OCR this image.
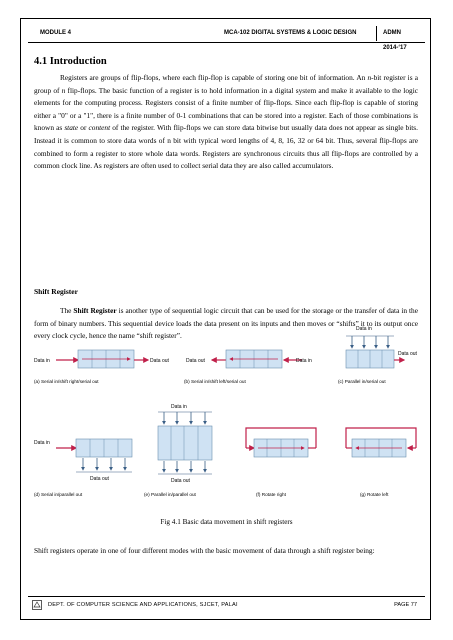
MODULE 4	MCA-102 DIGITAL SYSTEMS & LOGIC DESIGN	ADMN 2014-‘17
4.1 Introduction

Registers are groups of flip-flops, where each flip-flop is capable of storing one bit of information. An n-bit register is a group of n flip-flops. The basic function of a register is to hold information in a digital system and make it available to the logic elements for the computing process. Registers consist of a finite number of flip-flops. Since each flip-flop is capable of storing either a "0" or a "1", there is a finite number of 0-1 combinations that can be stored into a register. Each of those combinations is known as state or content of the register. With flip-flops we can store data bitwise but usually data does not appear as single bits. Instead it is common to store data words of n bit with typical word lengths of 4, 8, 16, 32 or 64 bit. Thus, several flip-flops are combined to form a register to store whole data words. Registers are synchronous circuits thus all flip-flops are controlled by a common clock line. As registers are often used to collect serial data they are also called accumulators.

Shift Register

The Shift Register is another type of sequential logic circuit that can be used for the storage or the transfer of data in the form of binary numbers. This sequential device loads the data present on its inputs and then moves or “shifts” it to its output once every clock cycle, hence the name “shift register”.

Data in	Data out
(a) Serial in/shift right/serial out
Data out	Data in
(b) Serial in/shift left/serial out
Data in
Data out
(c) Parallel in/serial out
Data in
Data out
(d) Serial in/parallel out
Data in
Data out
(e) Parallel in/parallel out	(f) Rotate right	(g) Rotate left

Fig 4.1 Basic data movement in shift registers

Shift registers operate in one of four different modes with the basic movement of data through a shift register being:

DEPT. OF COMPUTER SCIENCE AND APPLICATIONS, SJCET, PALAI	PAGE 77
